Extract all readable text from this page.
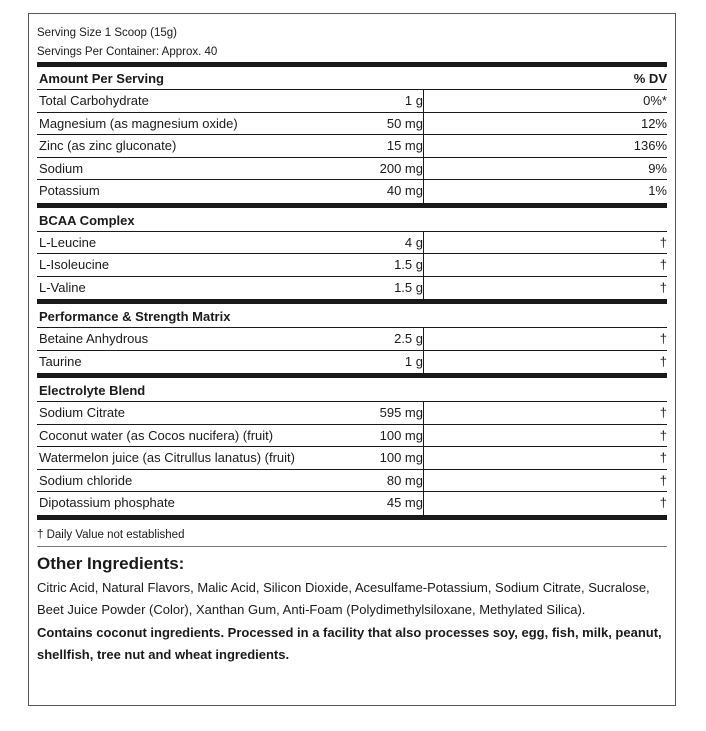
Serving Size 1 Scoop (15g)
Servings Per Container: Approx. 40
Amount Per Serving	% DV
Total Carbohydrate	1 g	0%*
Magnesium (as magnesium oxide)	50 mg	12%
Zinc (as zinc gluconate)	15 mg	136%
Sodium	200 mg	9%
Potassium	40 mg	1%
BCAA Complex
L-Leucine	4 g	†
L-Isoleucine	1.5 g	†
L-Valine	1.5 g	†
Performance & Strength Matrix
Betaine Anhydrous	2.5 g	†
Taurine	1 g	†
Electrolyte Blend
Sodium Citrate	595 mg	†
Coconut water (as Cocos nucifera) (fruit)	100 mg	†
Watermelon juice (as Citrullus lanatus) (fruit)	100 mg	†
Sodium chloride	80 mg	†
Dipotassium phosphate	45 mg	†
† Daily Value not established
Other Ingredients:
Citric Acid, Natural Flavors, Malic Acid, Silicon Dioxide, Acesulfame-Potassium, Sodium Citrate, Sucralose, Beet Juice Powder (Color), Xanthan Gum, Anti-Foam (Polydimethylsiloxane, Methylated Silica).
Contains coconut ingredients. Processed in a facility that also processes soy, egg, fish, milk, peanut, shellfish, tree nut and wheat ingredients.
